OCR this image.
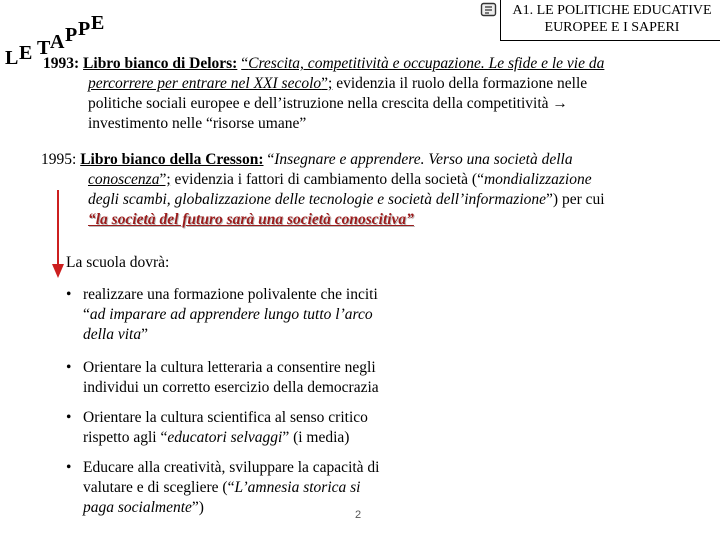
L E T A P P E
A1. LE POLITICHE EDUCATIVE
EUROPEE E I SAPERI
1993: Libro bianco di Delors: “Crescita, competitività e occupazione. Le sfide e le vie da
percorrere per entrare nel XXI secolo”; evidenzia il ruolo della formazione nelle
politiche sociali europee e dell’istruzione nella crescita della competitività →
investimento nelle “risorse umane”
1995: Libro bianco della Cresson: “Insegnare e apprendere. Verso una società della
conoscenza”; evidenzia i fattori di cambiamento della società (“mondializzazione
degli scambi, globalizzazione delle tecnologie e società dell’informazione”) per cui
“la società del futuro sarà una società conoscitiva”
La scuola dovrà:
• realizzare una formazione polivalente che inciti
“ad imparare ad apprendere lungo tutto l’arco
della vita”
• Orientare la cultura letteraria a consentire negli
individui un corretto esercizio della democrazia
• Orientare la cultura scientifica al senso critico
rispetto agli “educatori selvaggi” (i media)
• Educare alla creatività, sviluppare la capacità di
valutare e di scegliere (“L’amnesia storica si
paga socialmente”)	2
